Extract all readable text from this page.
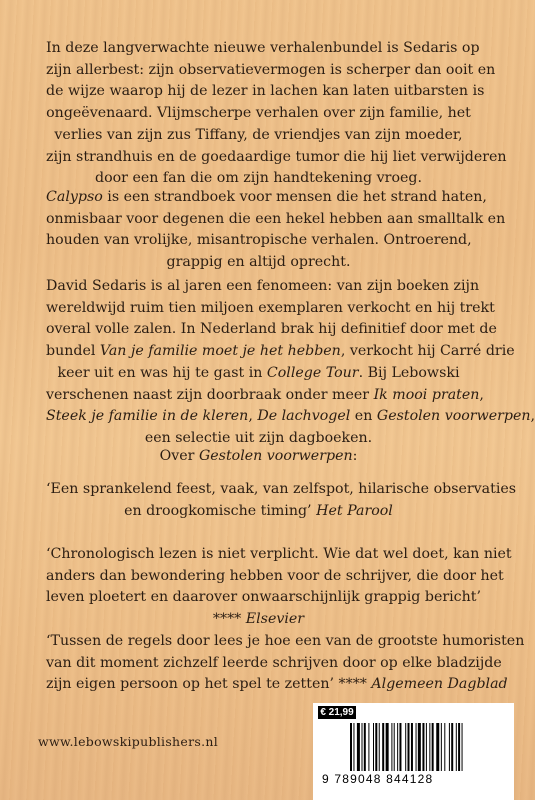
In deze langverwachte nieuwe verhalenbundel is Sedaris op
zijn allerbest: zijn observatievermogen is scherper dan ooit en
de wijze waarop hij de lezer in lachen kan laten uitbarsten is
ongeëvenaard. Vlijmscherpe verhalen over zijn familie, het
verlies van zijn zus Tiffany, de vriendjes van zijn moeder,
zijn strandhuis en de goedaardige tumor die hij liet verwijderen
door een fan die om zijn handtekening vroeg.
Calypso is een strandboek voor mensen die het strand haten,
onmisbaar voor degenen die een hekel hebben aan smalltalk en
houden van vrolijke, misantropische verhalen. Ontroerend,
grappig en altijd oprecht.
David Sedaris is al jaren een fenomeen: van zijn boeken zijn
wereldwijd ruim tien miljoen exemplaren verkocht en hij trekt
overal volle zalen. In Nederland brak hij definitief door met de
bundel Van je familie moet je het hebben, verkocht hij Carré drie
keer uit en was hij te gast in College Tour. Bij Lebowski
verschenen naast zijn doorbraak onder meer Ik mooi praten,
Steek je familie in de kleren, De lachvogel en Gestolen voorwerpen,
een selectie uit zijn dagboeken.
Over Gestolen voorwerpen:
‘Een sprankelend feest, vaak, van zelfspot, hilarische observaties
en droogkomische timing’ Het Parool
‘Chronologisch lezen is niet verplicht. Wie dat wel doet, kan niet
anders dan bewondering hebben voor de schrijver, die door het
leven ploetert en daarover onwaarschijnlijk grappig bericht’
**** Elsevier
‘Tussen de regels door lees je hoe een van de grootste humoristen
van dit moment zichzelf leerde schrijven door op elke bladzijde
zijn eigen persoon op het spel te zetten’ **** Algemeen Dagblad
www.lebowskipublishers.nl
€ 21,99
9 789048 844128
